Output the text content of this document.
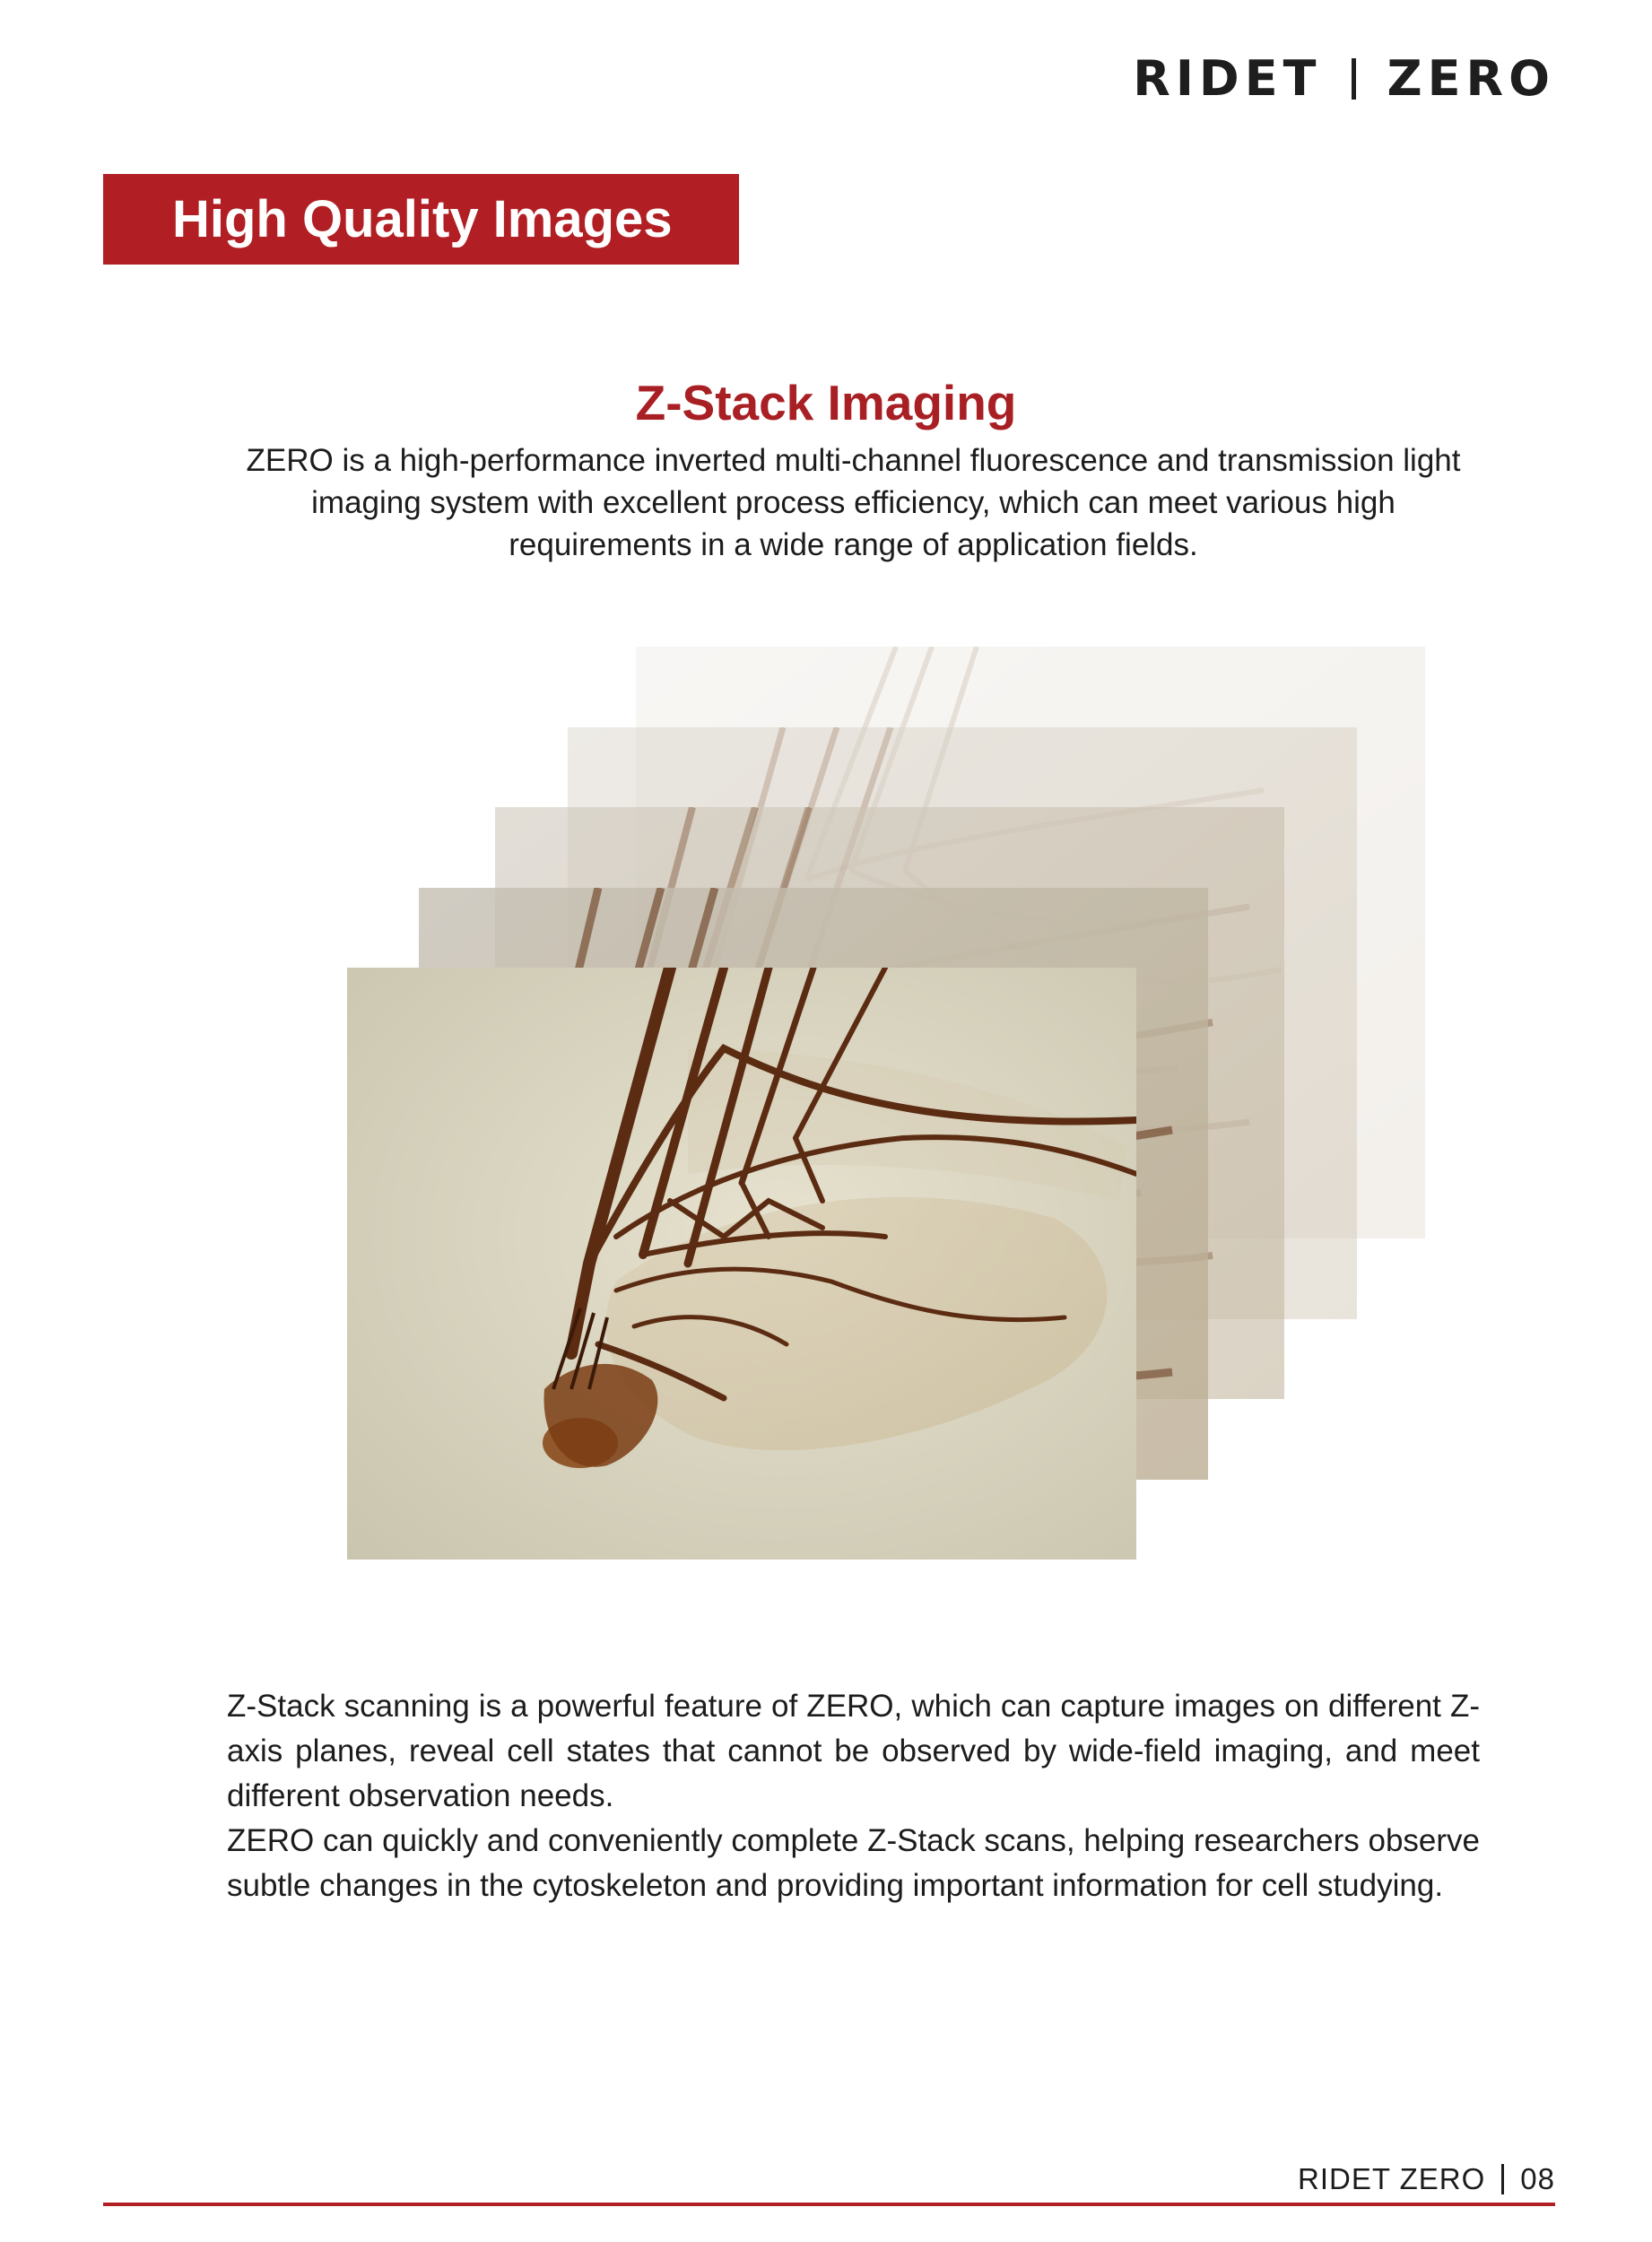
RIDET ZERO
High Quality Images
Z-Stack Imaging

ZERO is a high-performance inverted multi-channel fluorescence and transmission light imaging system with excellent process efficiency, which can meet various high requirements in a wide range of application fields.

Z-Stack scanning is a powerful feature of ZERO, which can capture images on different Z-axis planes, reveal cell states that cannot be observed by wide-field imaging, and meet different observation needs.

ZERO can quickly and conveniently complete Z-Stack scans, helping researchers observe subtle changes in the cytoskeleton and providing important information for cell studying.

RIDET ZERO 08
